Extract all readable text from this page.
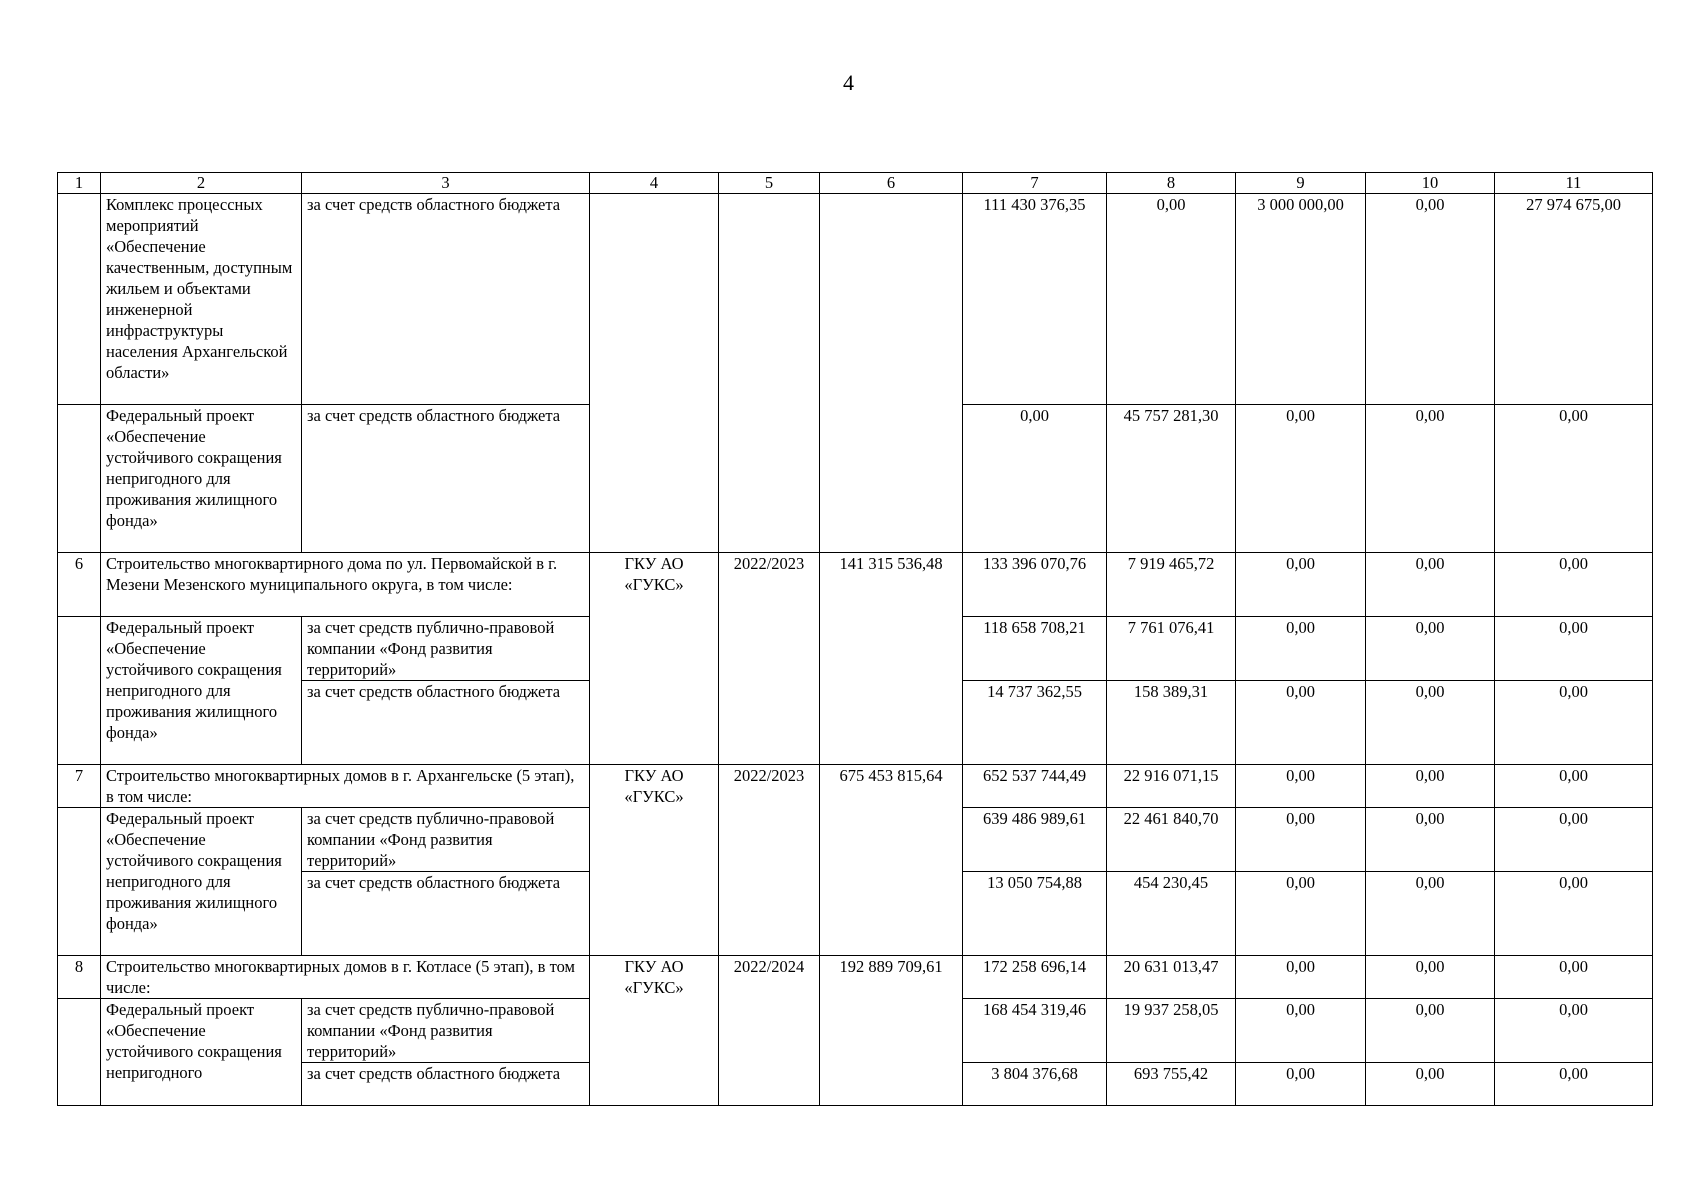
4
1	2	3	4	5	6	7	8	9	10	11
	Комплекс процессных мероприятий «Обеспечение качественным, доступным жильем и объектами инженерной инфраструктуры населения Архангельской области»	за счет средств областного бюджета				111 430 376,35	0,00	3 000 000,00	0,00	27 974 675,00
	Федеральный проект «Обеспечение устойчивого сокращения непригодного для проживания жилищного фонда»	за счет средств областного бюджета				0,00	45 757 281,30	0,00	0,00	0,00
6	Строительство многоквартирного дома по ул. Первомайской в г. Мезени Мезенского муниципального округа, в том числе:		ГКУ АО «ГУКС»	2022/2023	141 315 536,48	133 396 070,76	7 919 465,72	0,00	0,00	0,00
	Федеральный проект «Обеспечение устойчивого сокращения непригодного для проживания жилищного фонда»	за счет средств публично-правовой компании «Фонд развития территорий»				118 658 708,21	7 761 076,41	0,00	0,00	0,00
		за счет средств областного бюджета				14 737 362,55	158 389,31	0,00	0,00	0,00
7	Строительство многоквартирных домов в г. Архангельске (5 этап), в том числе:		ГКУ АО «ГУКС»	2022/2023	675 453 815,64	652 537 744,49	22 916 071,15	0,00	0,00	0,00
	Федеральный проект «Обеспечение устойчивого сокращения непригодного для проживания жилищного фонда»	за счет средств публично-правовой компании «Фонд развития территорий»				639 486 989,61	22 461 840,70	0,00	0,00	0,00
		за счет средств областного бюджета				13 050 754,88	454 230,45	0,00	0,00	0,00
8	Строительство многоквартирных домов в г. Котласе (5 этап), в том числе:		ГКУ АО «ГУКС»	2022/2024	192 889 709,61	172 258 696,14	20 631 013,47	0,00	0,00	0,00
	Федеральный проект «Обеспечение устойчивого сокращения непригодного	за счет средств публично-правовой компании «Фонд развития территорий»				168 454 319,46	19 937 258,05	0,00	0,00	0,00
		за счет средств областного бюджета				3 804 376,68	693 755,42	0,00	0,00	0,00
